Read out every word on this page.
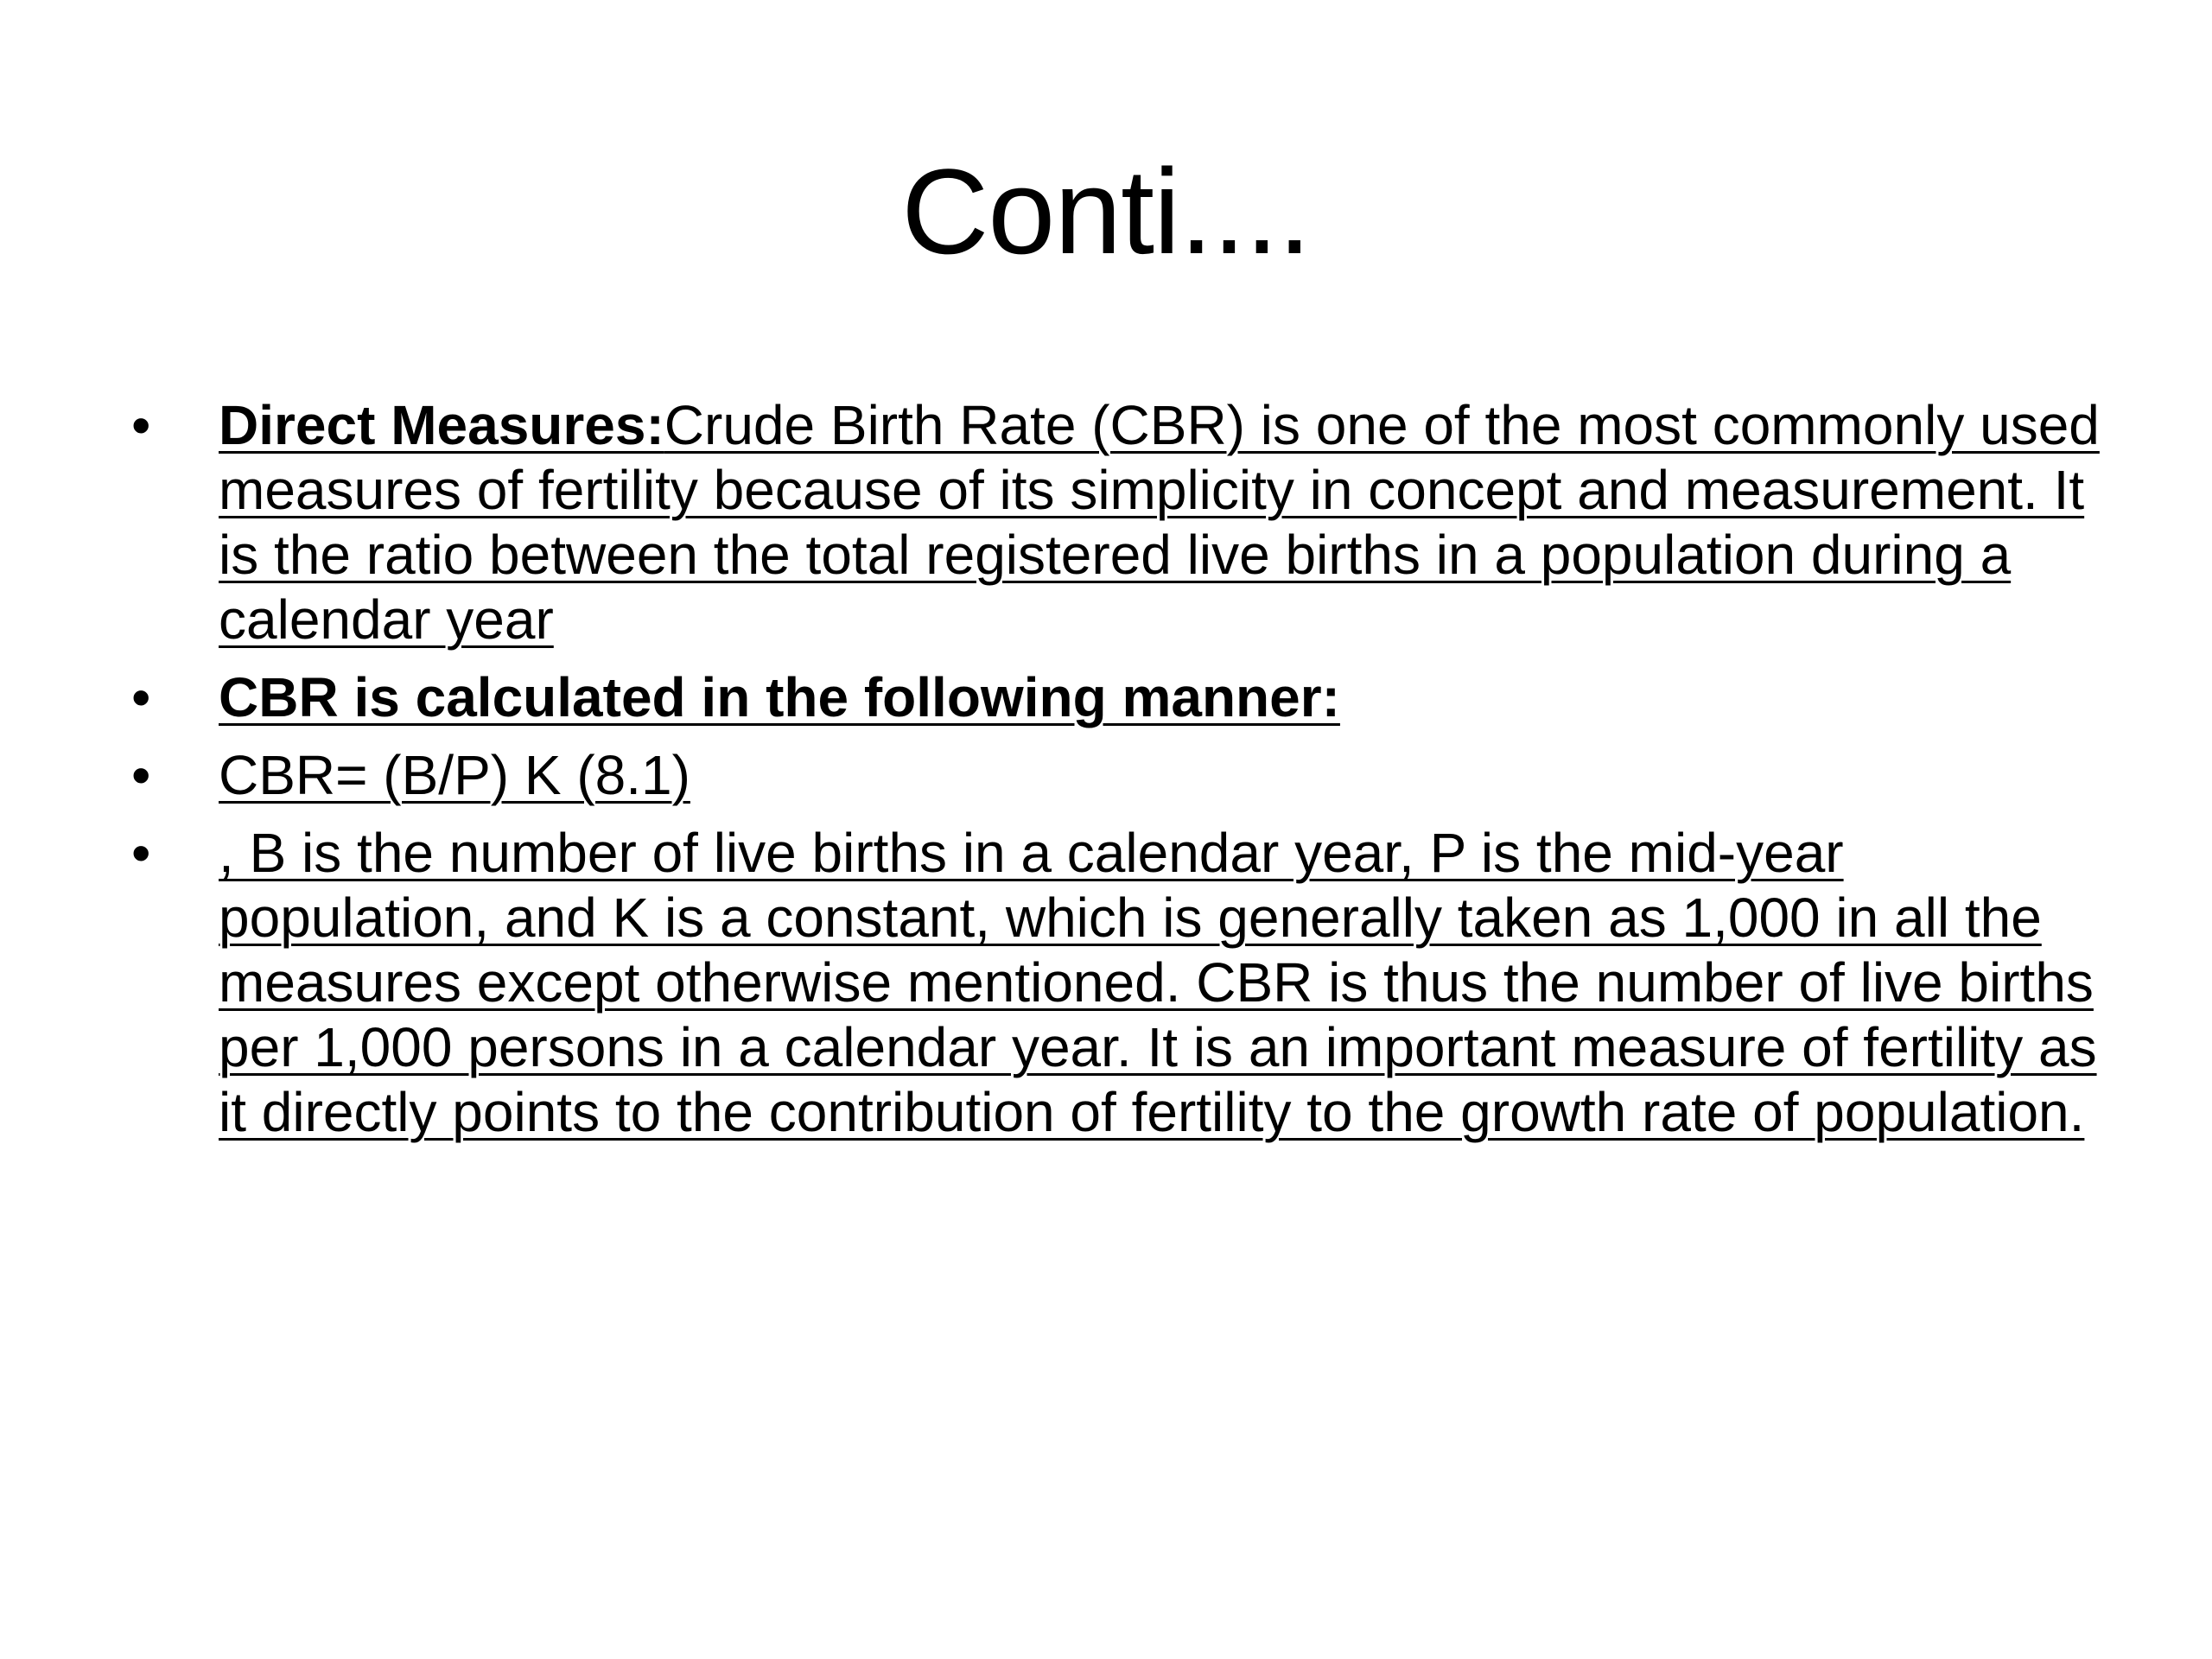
Conti....
•	Direct Measures:Crude Birth Rate (CBR) is one of the most commonly used measures of fertility because of its simplicity in concept and measurement. It is the ratio between the total registered live births in a population during a calendar year
•	CBR is calculated in the following manner:
•	CBR= (B/P) K (8.1)
•	, B is the number of live births in a calendar year, P is the mid-year population, and K is a constant, which is generally taken as 1,000 in all the measures except otherwise mentioned. CBR is thus the number of live births per 1,000 persons in a calendar year. It is an important measure of fertility as it directly points to the contribution of fertility to the growth rate of population.
